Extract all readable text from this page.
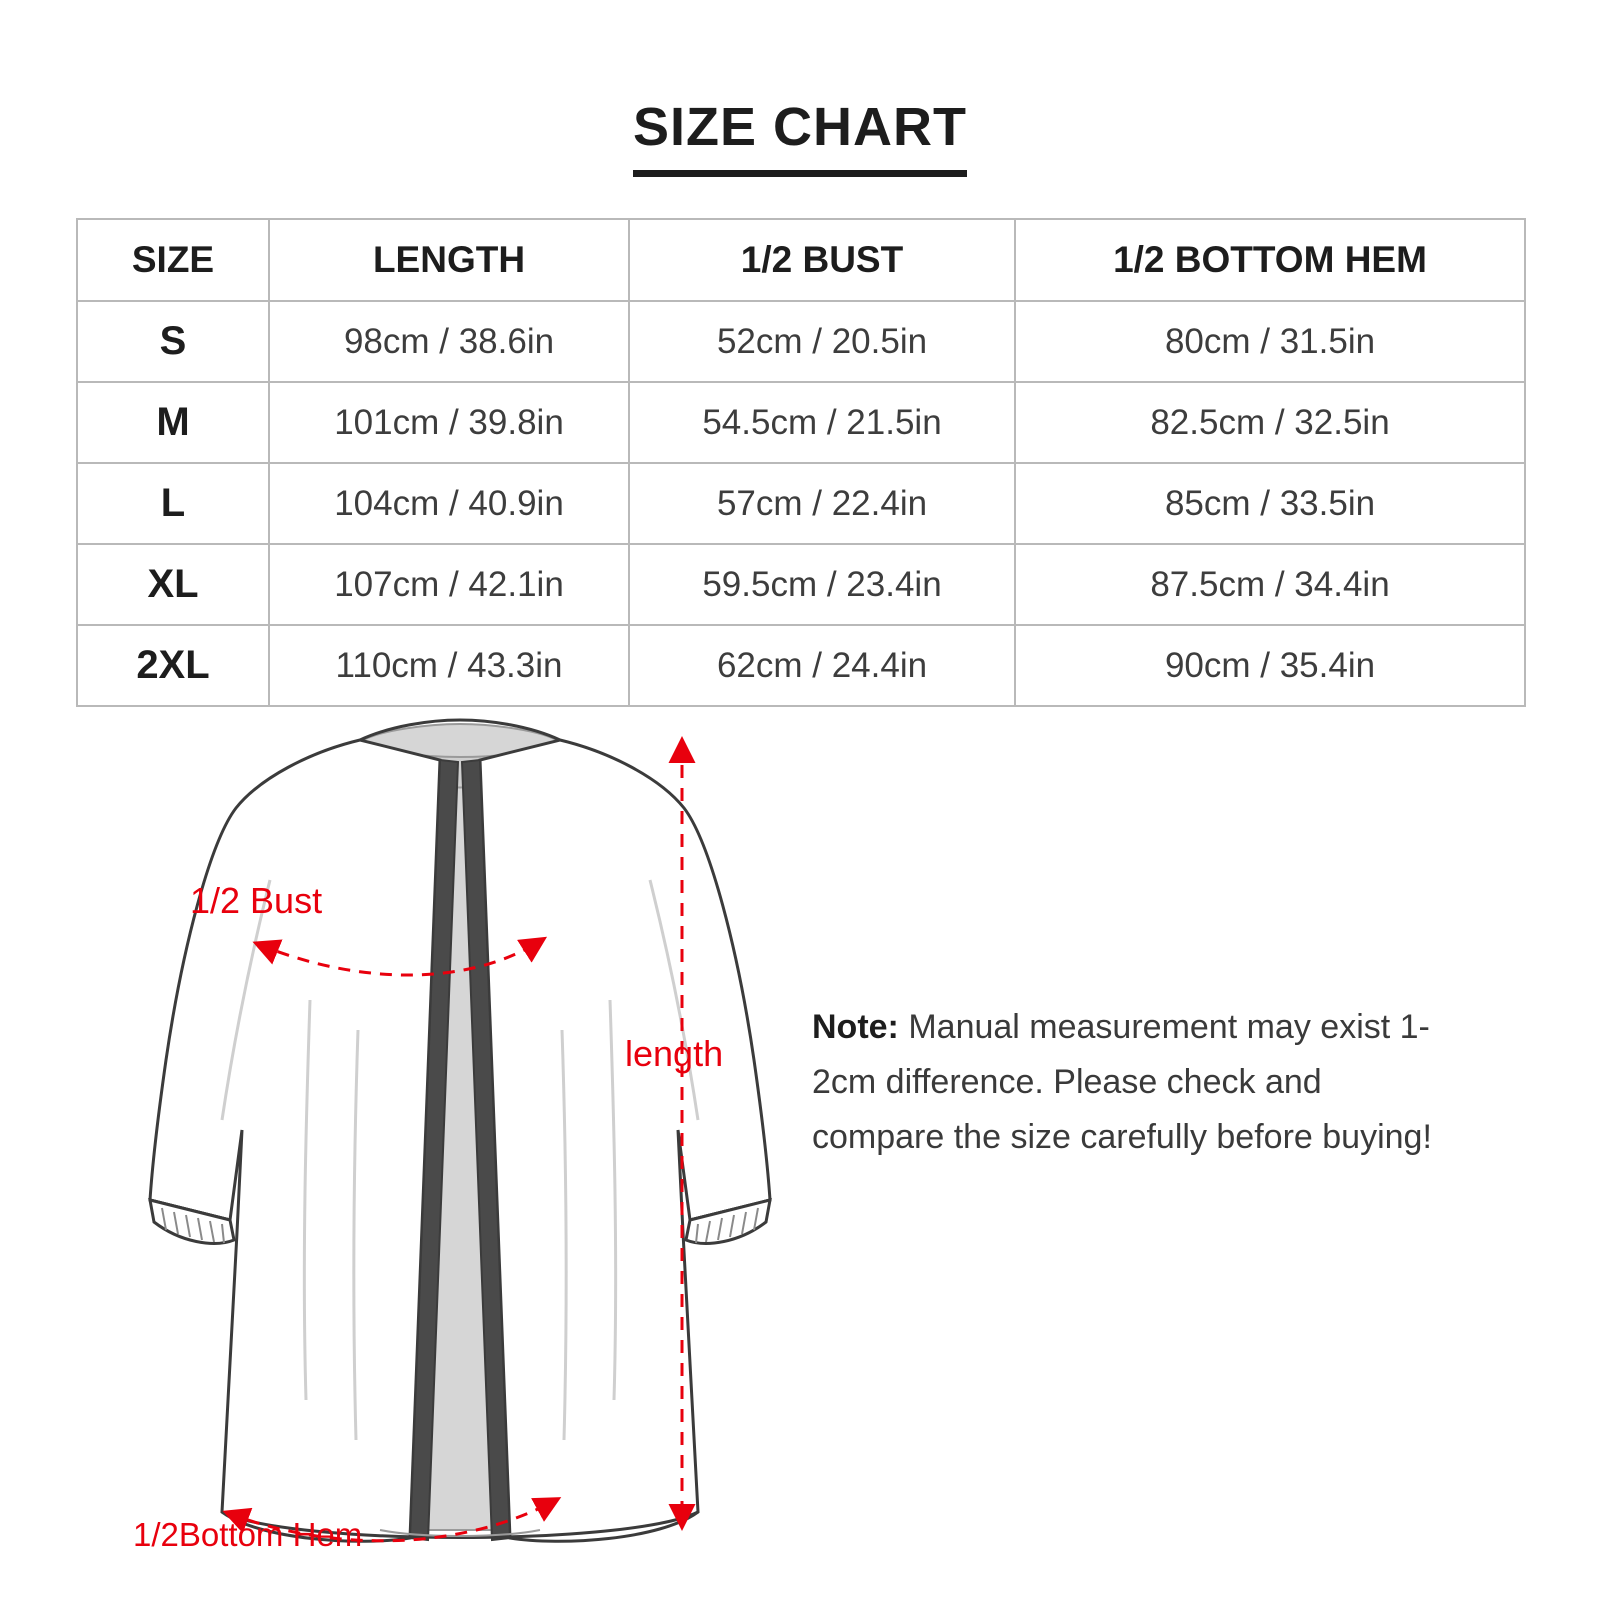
SIZE CHART
SIZE	LENGTH	1/2 BUST	1/2 BOTTOM HEM
S	98cm / 38.6in	52cm / 20.5in	80cm / 31.5in
M	101cm / 39.8in	54.5cm / 21.5in	82.5cm / 32.5in
L	104cm / 40.9in	57cm / 22.4in	85cm / 33.5in
XL	107cm / 42.1in	59.5cm / 23.4in	87.5cm / 34.4in
2XL	110cm / 43.3in	62cm / 24.4in	90cm / 35.4in
1/2 Bust
1/2Bottom Hem
length
Note: Manual measurement may exist 1-2cm difference. Please check and compare the size carefully before buying!
